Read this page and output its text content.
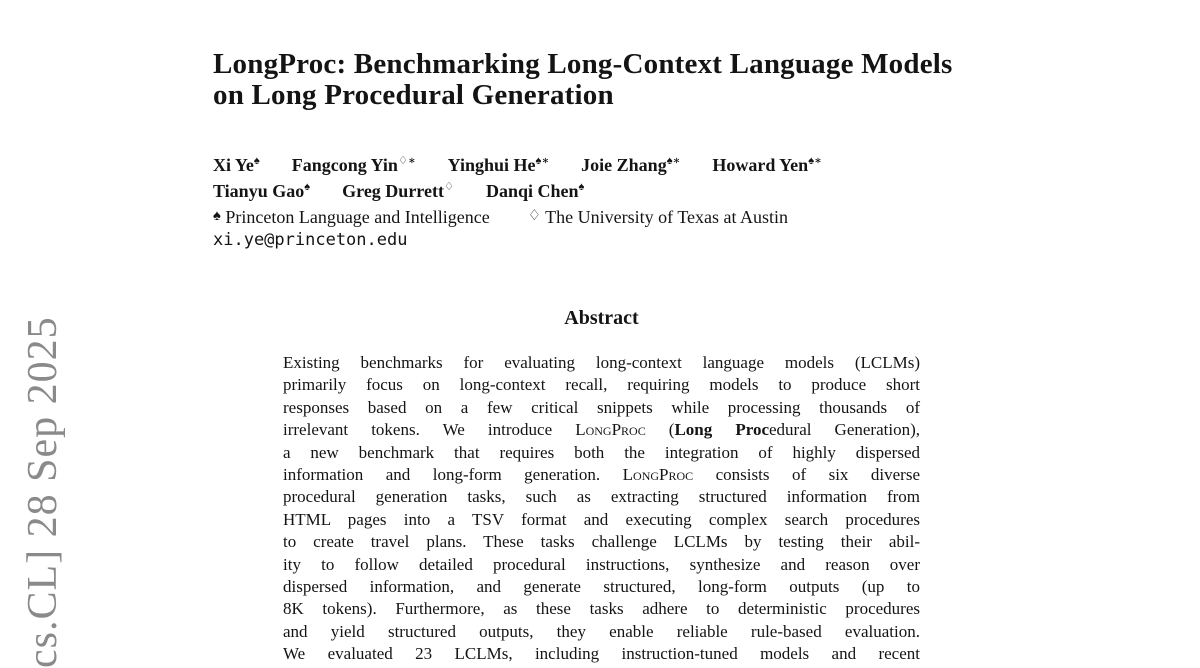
cs.CL] 28 Sep 2025
LongProc: Benchmarking Long-Context Language Models
on Long Procedural Generation
Xi Ye♠ Fangcong Yin♢∗ Yinghui He♠∗ Joie Zhang♠∗ Howard Yen♠∗
Tianyu Gao♠ Greg Durrett♢ Danqi Chen♠
♠ Princeton Language and Intelligence	♢ The University of Texas at Austin
xi.ye@princeton.edu
Abstract
Existing benchmarks for evaluating long-context language models (LCLMs)
primarily focus on long-context recall, requiring models to produce short
responses based on a few critical snippets while processing thousands of
irrelevant tokens. We introduce LongProc (Long Procedural Generation),
a new benchmark that requires both the integration of highly dispersed
information and long-form generation. LongProc consists of six diverse
procedural generation tasks, such as extracting structured information from
HTML pages into a TSV format and executing complex search procedures
to create travel plans. These tasks challenge LCLMs by testing their abil-
ity to follow detailed procedural instructions, synthesize and reason over
dispersed information, and generate structured, long-form outputs (up to
8K tokens). Furthermore, as these tasks adhere to deterministic procedures
and yield structured outputs, they enable reliable rule-based evaluation.
We evaluated 23 LCLMs, including instruction-tuned models and recent
